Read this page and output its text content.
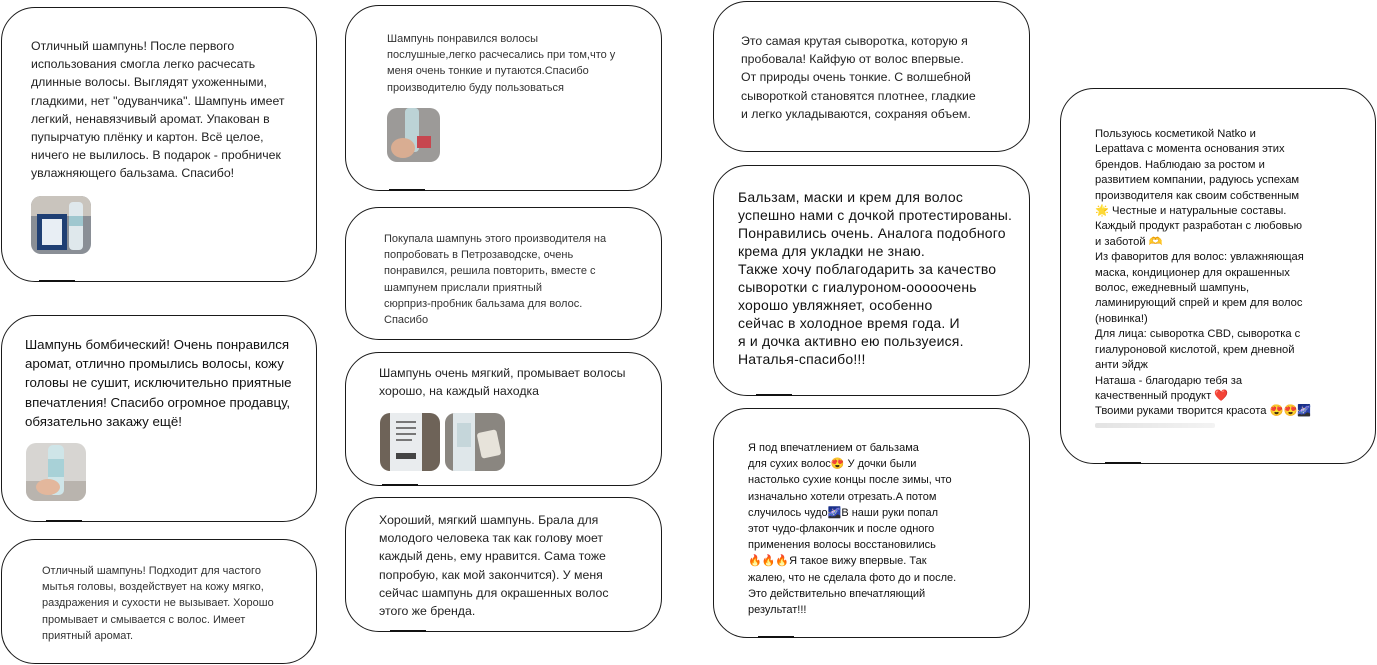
Отличный шампунь! После первого
использования смогла легко расчесать
длинные волосы. Выглядят ухоженными,
гладкими, нет "одуванчика". Шампунь имеет
легкий, ненавязчивый аромат. Упакован в
пупырчатую плёнку и картон. Всё целое,
ничего не вылилось. В подарок - пробничек
увлажняющего бальзама. Спасибо!

Шампунь бомбический! Очень понравился
аромат, отлично промылись волосы, кожу
головы не сушит, исключительно приятные
впечатления! Спасибо огромное продавцу,
обязательно закажу ещё!

Отличный шампунь! Подходит для частого
мытья головы, воздействует на кожу мягко,
раздражения и сухости не вызывает. Хорошо
промывает и смывается с волос. Имеет
приятный аромат.

Шампунь понравился волосы
послушные,легко расчесались при том,что у
меня очень тонкие и путаются.Спасибо
производителю буду пользоваться

Покупала шампунь этого производителя на
попробовать в Петрозаводске, очень
понравился, решила повторить, вместе с
шампунем прислали приятный
сюрприз-пробник бальзама для волос.
Спасибо

Шампунь очень мягкий, промывает волосы
хорошо, на каждый находка

Хороший, мягкий шампунь. Брала для
молодого человека так как голову моет
каждый день, ему нравится. Сама тоже
попробую, как мой закончится). У меня
сейчас шампунь для окрашенных волос
этого же бренда.

Это самая крутая сыворотка, которую я
пробовала! Кайфую от волос впервые.
От природы очень тонкие. С волшебной
сывороткой становятся плотнее, гладкие
и легко укладываются, сохраняя объем.

Бальзам, маски и крем для волос
успешно нами с дочкой протестированы.
Понравились очень. Аналога подобного
крема для укладки не знаю.
Также хочу поблагодарить за качество
сыворотки с гиалуроном-ооооочень
хорошо увляжняет, особенно
сейчас в холодное время года. И
я и дочка активно ею пользуеися.
Наталья-спасибо!!!

Я под впечатлением от бальзама
для сухих волос😍 У дочки были
настолько сухие концы после зимы, что
изначально хотели отрезать.А потом
случилось чудо🌌В наши руки попал
этот чудо-флакончик и после одного
применения волосы восстановились
🔥🔥🔥Я такое вижу впервые. Так
жалею, что не сделала фото до и после.
Это действительно впечатляющий
результат!!!

Пользуюсь косметикой Natko и
Lepattava с момента основания этих
брендов. Наблюдаю за ростом и
развитием компании, радуюсь успехам
производителя как своим собственным
🌟 Честные и натуральные составы.
Каждый продукт разработан с любовью
и заботой 🫶
Из фаворитов для волос: увлажняющая
маска, кондиционер для окрашенных
волос, ежедневный шампунь,
ламинирующий спрей и крем для волос
(новинка!)
Для лица: сыворотка CBD, сыворотка с
гиалуроновой кислотой, крем дневной
анти эйдж
Наташа - благодарю тебя за
качественный продукт ❤️
Твоими руками творится красота 😍😍🌌
